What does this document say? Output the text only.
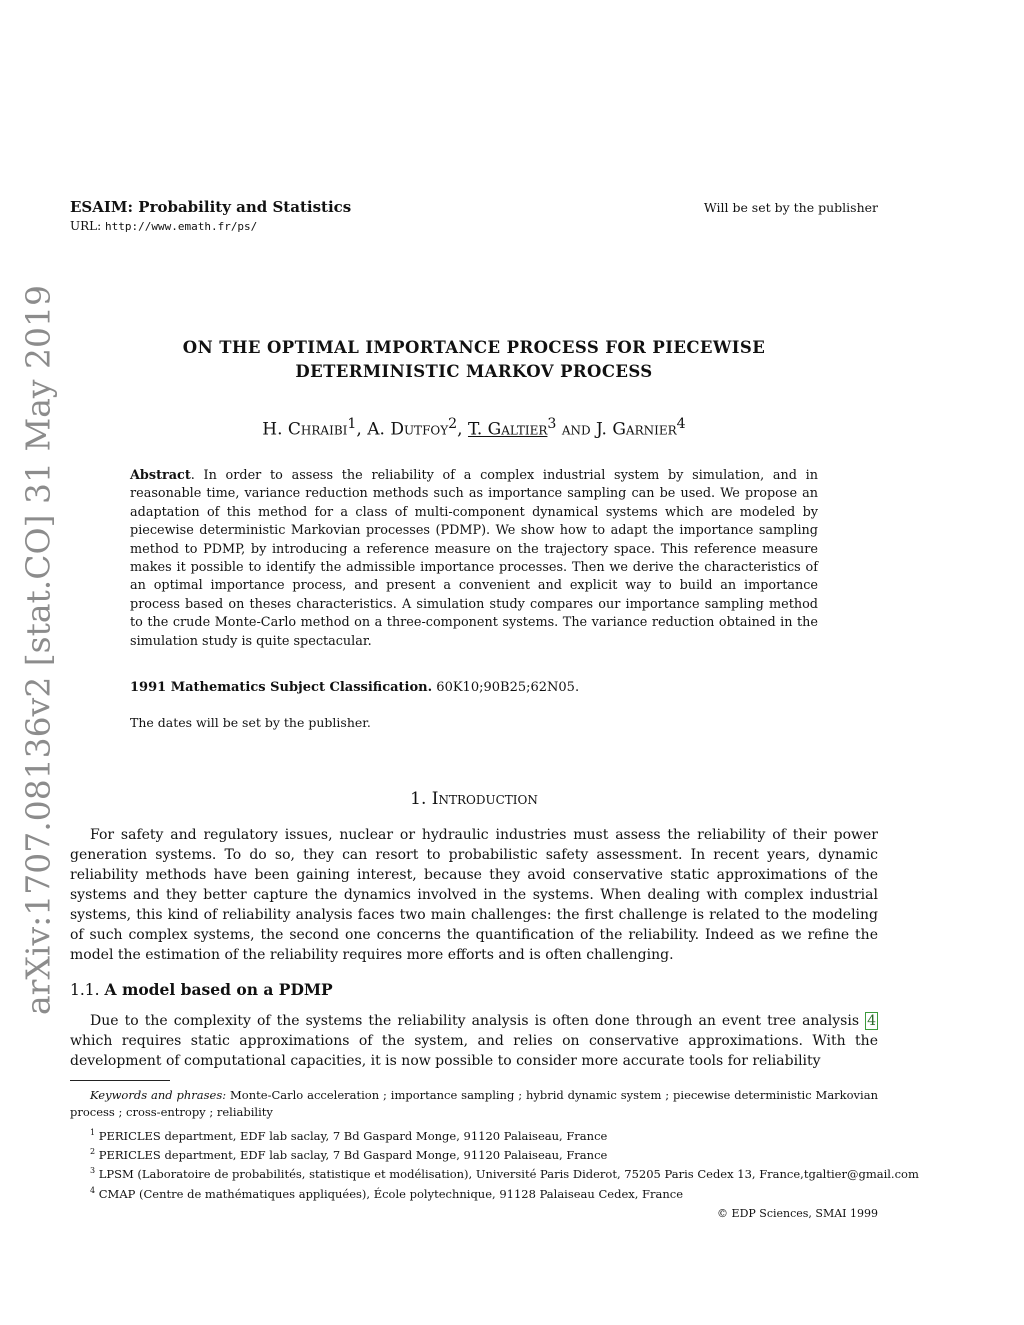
ESAIM: Probability and Statistics
URL: http://www.emath.fr/ps/
Will be set by the publisher
arXiv:1707.08136v2 [stat.CO] 31 May 2019	ON THE OPTIMAL IMPORTANCE PROCESS FOR PIECEWISE
DETERMINISTIC MARKOV PROCESS
H. Chraibi$^1$, A. Dutfoy$^2$, T. Galtier$^3$ and J. Garnier$^4$
Abstract. In order to assess the reliability of a complex industrial system by simulation, and in reasonable time, variance reduction methods such as importance sampling can be used. We propose an adaptation of this method for a class of multi-component dynamical systems which are modeled by piecewise deterministic Markovian processes (PDMP). We show how to adapt the importance sampling method to PDMP, by introducing a reference measure on the trajectory space. This reference measure makes it possible to identify the admissible importance processes. Then we derive the characteristics of an optimal importance process, and present a convenient and explicit way to build an importance process based on theses characteristics. A simulation study compares our importance sampling method to the crude Monte-Carlo method on a three-component systems. The variance reduction obtained in the simulation study is quite spectacular.
1991 Mathematics Subject Classification. 60K10;90B25;62N05.
The dates will be set by the publisher.
1. Introduction
For safety and regulatory issues, nuclear or hydraulic industries must assess the reliability of their power generation systems. To do so, they can resort to probabilistic safety assessment. In recent years, dynamic reliability methods have been gaining interest, because they avoid conservative static approximations of the systems and they better capture the dynamics involved in the systems. When dealing with complex industrial systems, this kind of reliability analysis faces two main challenges: the first challenge is related to the modeling of such complex systems, the second one concerns the quantification of the reliability. Indeed as we refine the model the estimation of the reliability requires more efforts and is often challenging.
1.1. A model based on a PDMP
Due to the complexity of the systems the reliability analysis is often done through an event tree analysis 4 which requires static approximations of the system, and relies on conservative approximations. With the development of computational capacities, it is now possible to consider more accurate tools for reliability
Keywords and phrases: Monte-Carlo acceleration ; importance sampling ; hybrid dynamic system ; piecewise deterministic Markovian process ; cross-entropy ; reliability
$^1$ PERICLES department, EDF lab saclay, 7 Bd Gaspard Monge, 91120 Palaiseau, France
$^2$ PERICLES department, EDF lab saclay, 7 Bd Gaspard Monge, 91120 Palaiseau, France
$^3$ LPSM (Laboratoire de probabilités, statistique et modélisation), Université Paris Diderot, 75205 Paris Cedex 13, France,tgaltier@gmail.com
$^4$ CMAP (Centre de mathématiques appliquées), École polytechnique, 91128 Palaiseau Cedex, France
© EDP Sciences, SMAI 1999
